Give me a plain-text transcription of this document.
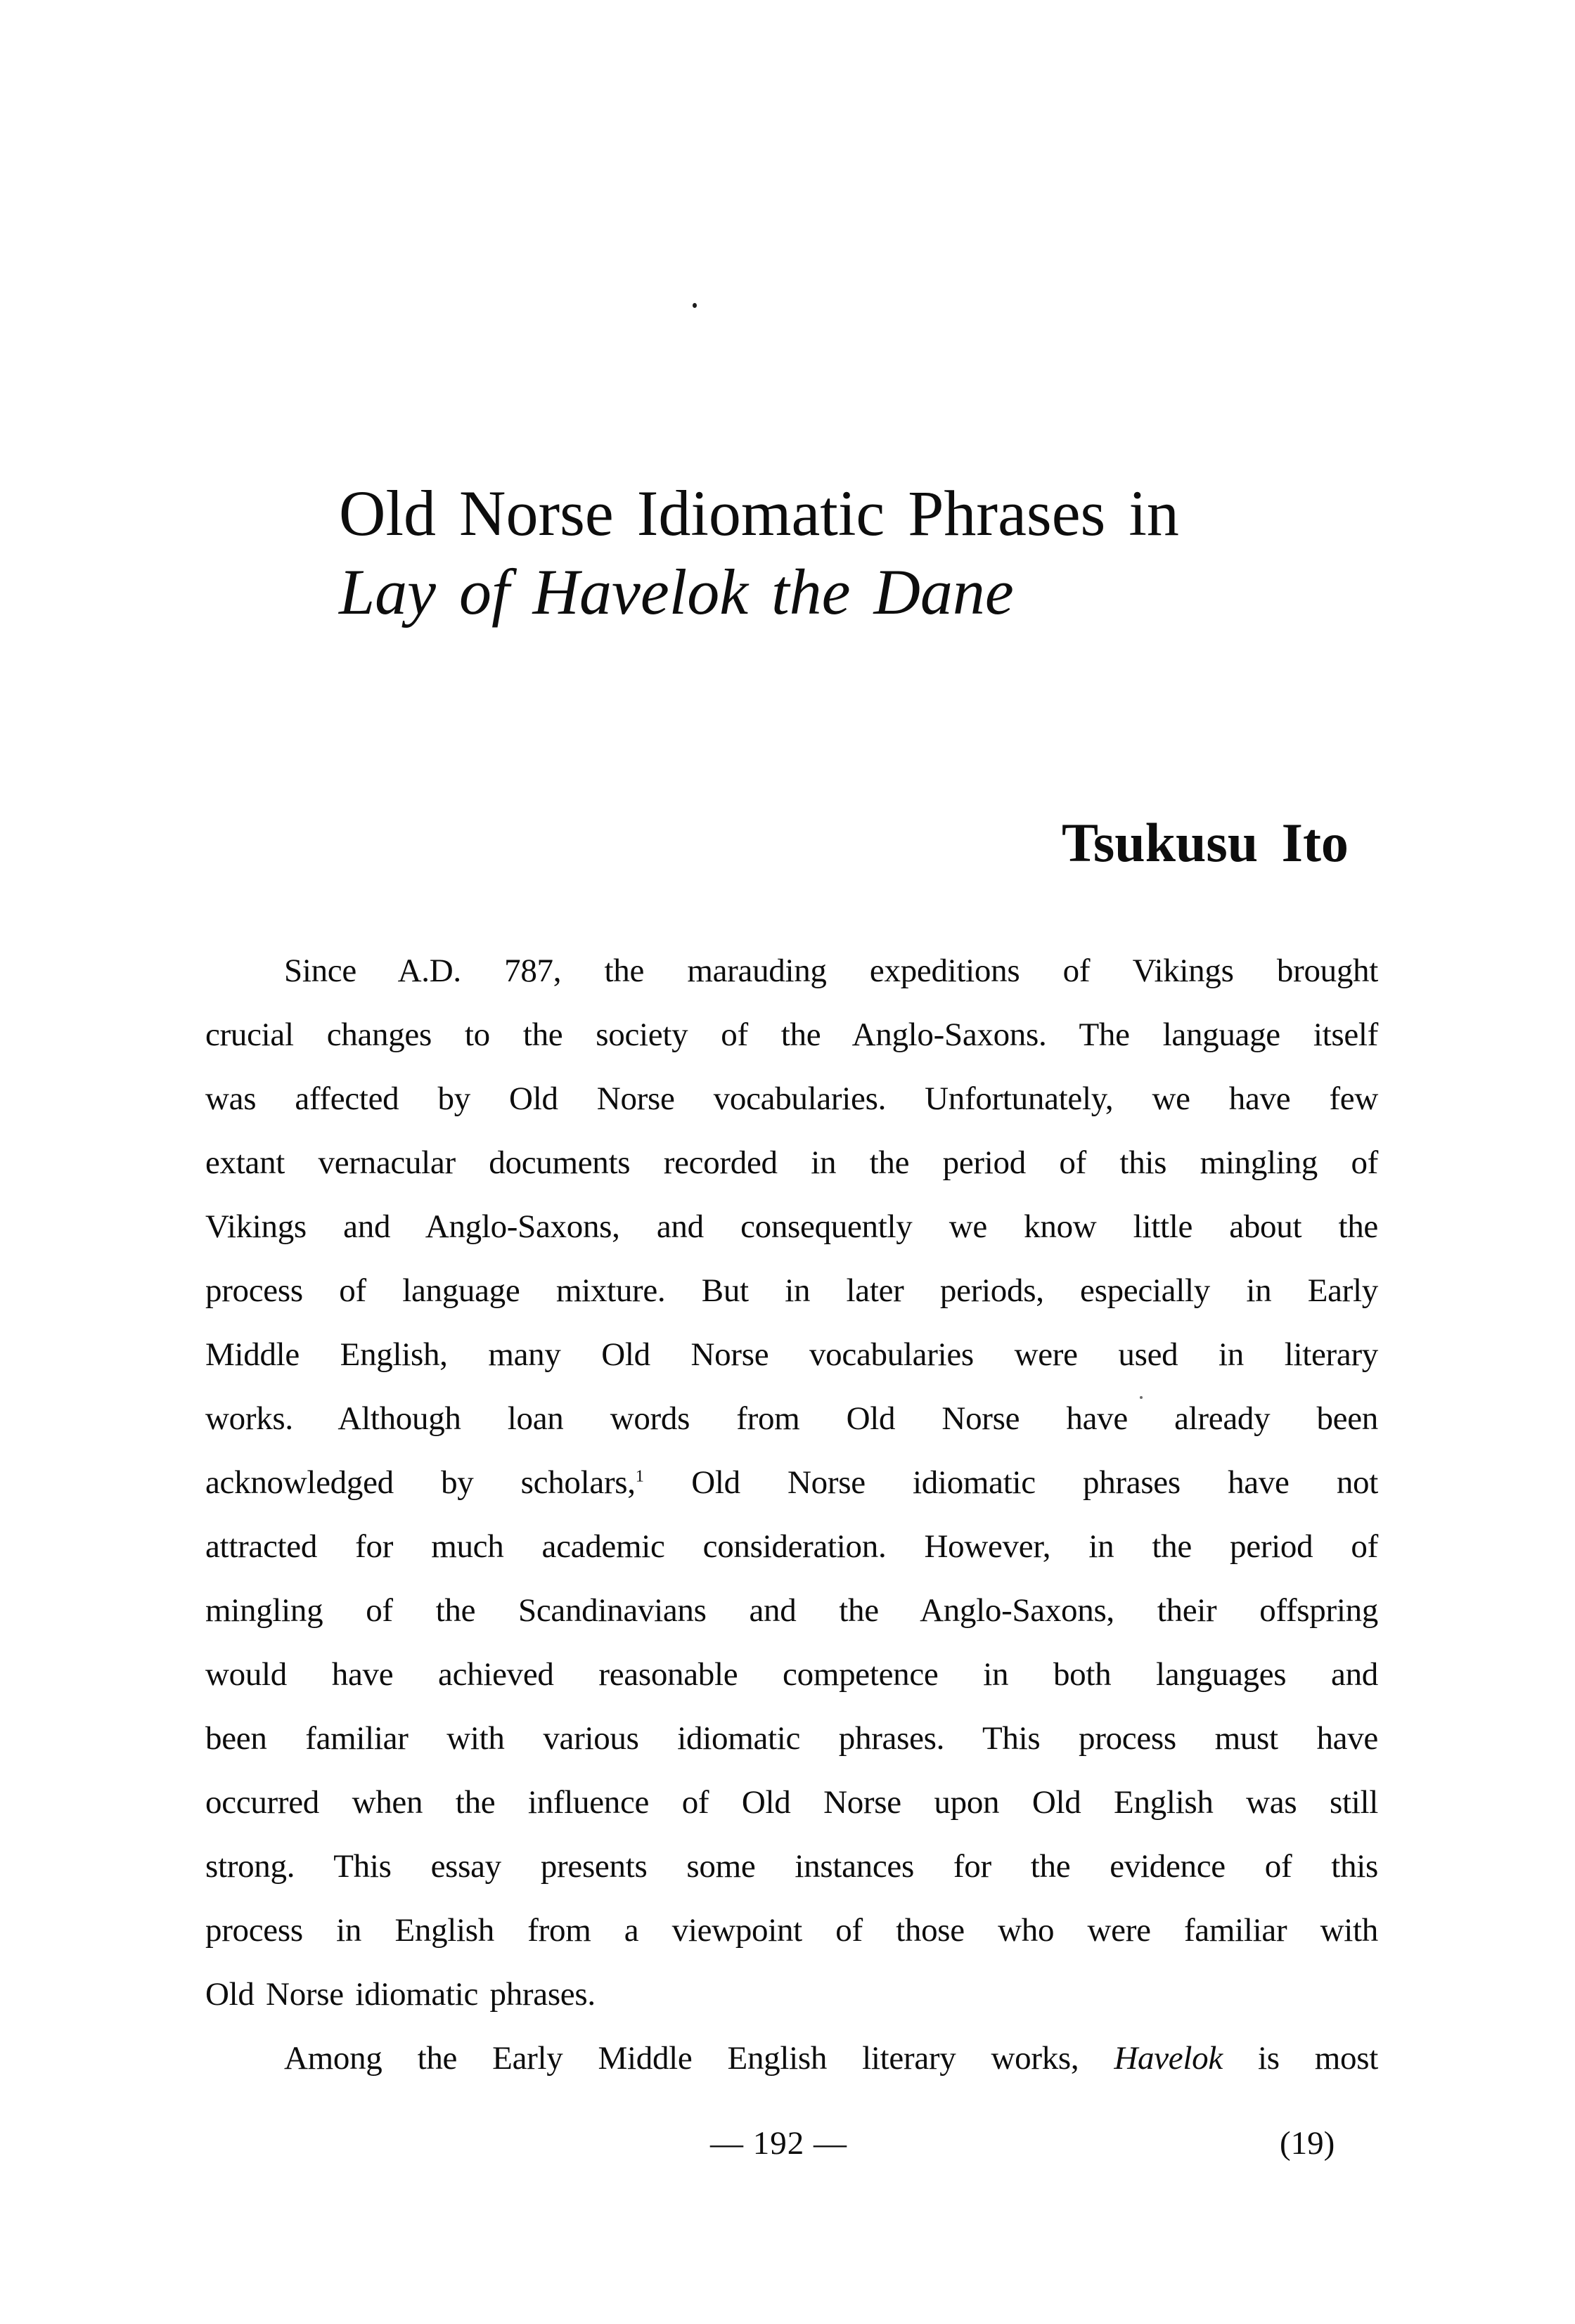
Old Norse Idiomatic Phrases in
Lay of Havelok the Dane
Tsukusu Ito
Since A.D. 787, the marauding expeditions of Vikings brought
crucial changes to the society of the Anglo-Saxons. The language itself
was affected by Old Norse vocabularies. Unfortunately, we have few
extant vernacular documents recorded in the period of this mingling of
Vikings and Anglo-Saxons, and consequently we know little about the
process of language mixture. But in later periods, especially in Early
Middle English, many Old Norse vocabularies were used in literary
works. Although loan words from Old Norse have already been
acknowledged by scholars,$^1$ Old Norse idiomatic phrases have not
attracted for much academic consideration. However, in the period of
mingling of the Scandinavians and the Anglo-Saxons, their offspring
would have achieved reasonable competence in both languages and
been familiar with various idiomatic phrases. This process must have
occurred when the influence of Old Norse upon Old English was still
strong. This essay presents some instances for the evidence of this
process in English from a viewpoint of those who were familiar with
Old Norse idiomatic phrases.
Among the Early Middle English literary works, Havelok is most
— 192 —	(19)
